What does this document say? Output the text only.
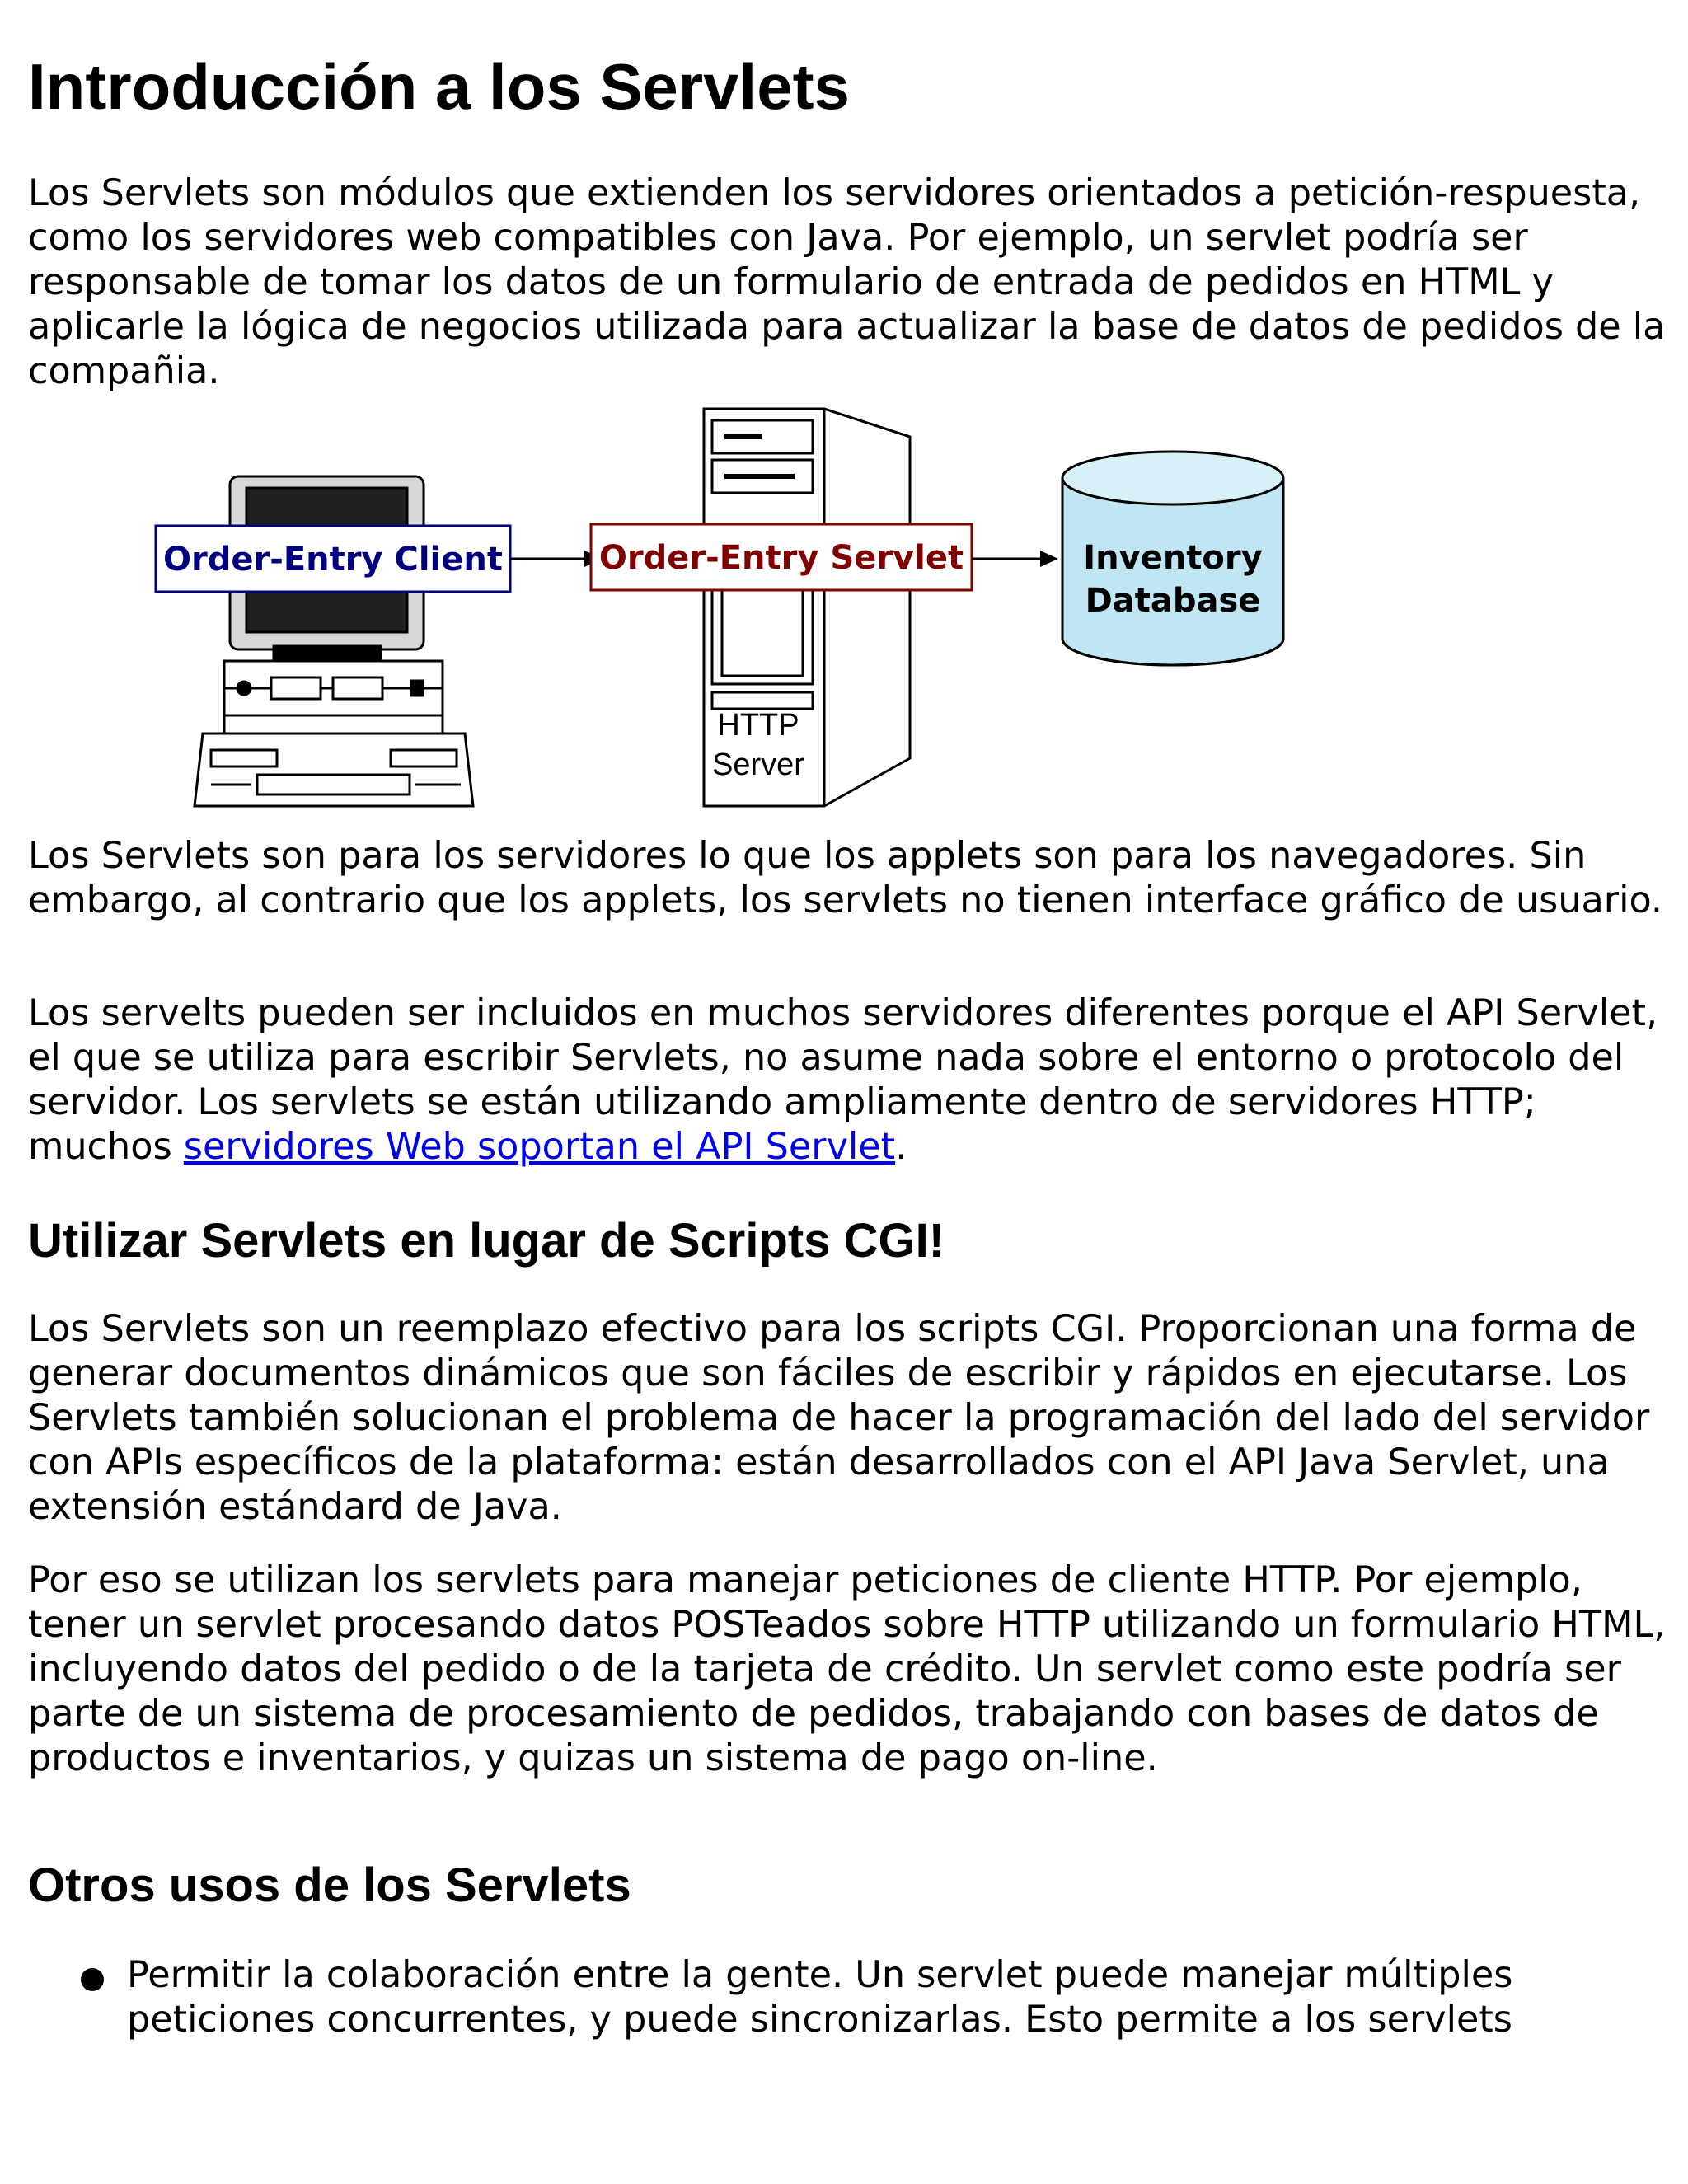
Introducción a los Servlets

Los Servlets son módulos que extienden los servidores orientados a petición-respuesta, como los servidores web compatibles con Java. Por ejemplo, un servlet podría ser responsable de tomar los datos de un formulario de entrada de pedidos en HTML y aplicarle la lógica de negocios utilizada para actualizar la base de datos de pedidos de la compañia.

HTTP
Server
Order-Entry Client	Order-Entry Servlet	Inventory
Database

Los Servlets son para los servidores lo que los applets son para los navegadores. Sin embargo, al contrario que los applets, los servlets no tienen interface gráfico de usuario.

Los servelts pueden ser incluidos en muchos servidores diferentes porque el API Servlet, el que se utiliza para escribir Servlets, no asume nada sobre el entorno o protocolo del servidor. Los servlets se están utilizando ampliamente dentro de servidores HTTP; muchos servidores Web soportan el API Servlet.

Utilizar Servlets en lugar de Scripts CGI!

Los Servlets son un reemplazo efectivo para los scripts CGI. Proporcionan una forma de generar documentos dinámicos que son fáciles de escribir y rápidos en ejecutarse. Los Servlets también solucionan el problema de hacer la programación del lado del servidor con APIs específicos de la plataforma: están desarrollados con el API Java Servlet, una extensión estándard de Java.

Por eso se utilizan los servlets para manejar peticiones de cliente HTTP. Por ejemplo, tener un servlet procesando datos POSTeados sobre HTTP utilizando un formulario HTML, incluyendo datos del pedido o de la tarjeta de crédito. Un servlet como este podría ser parte de un sistema de procesamiento de pedidos, trabajando con bases de datos de productos e inventarios, y quizas un sistema de pago on-line.

Otros usos de los Servlets

Permitir la colaboración entre la gente. Un servlet puede manejar múltiples peticiones concurrentes, y puede sincronizarlas. Esto permite a los servlets
